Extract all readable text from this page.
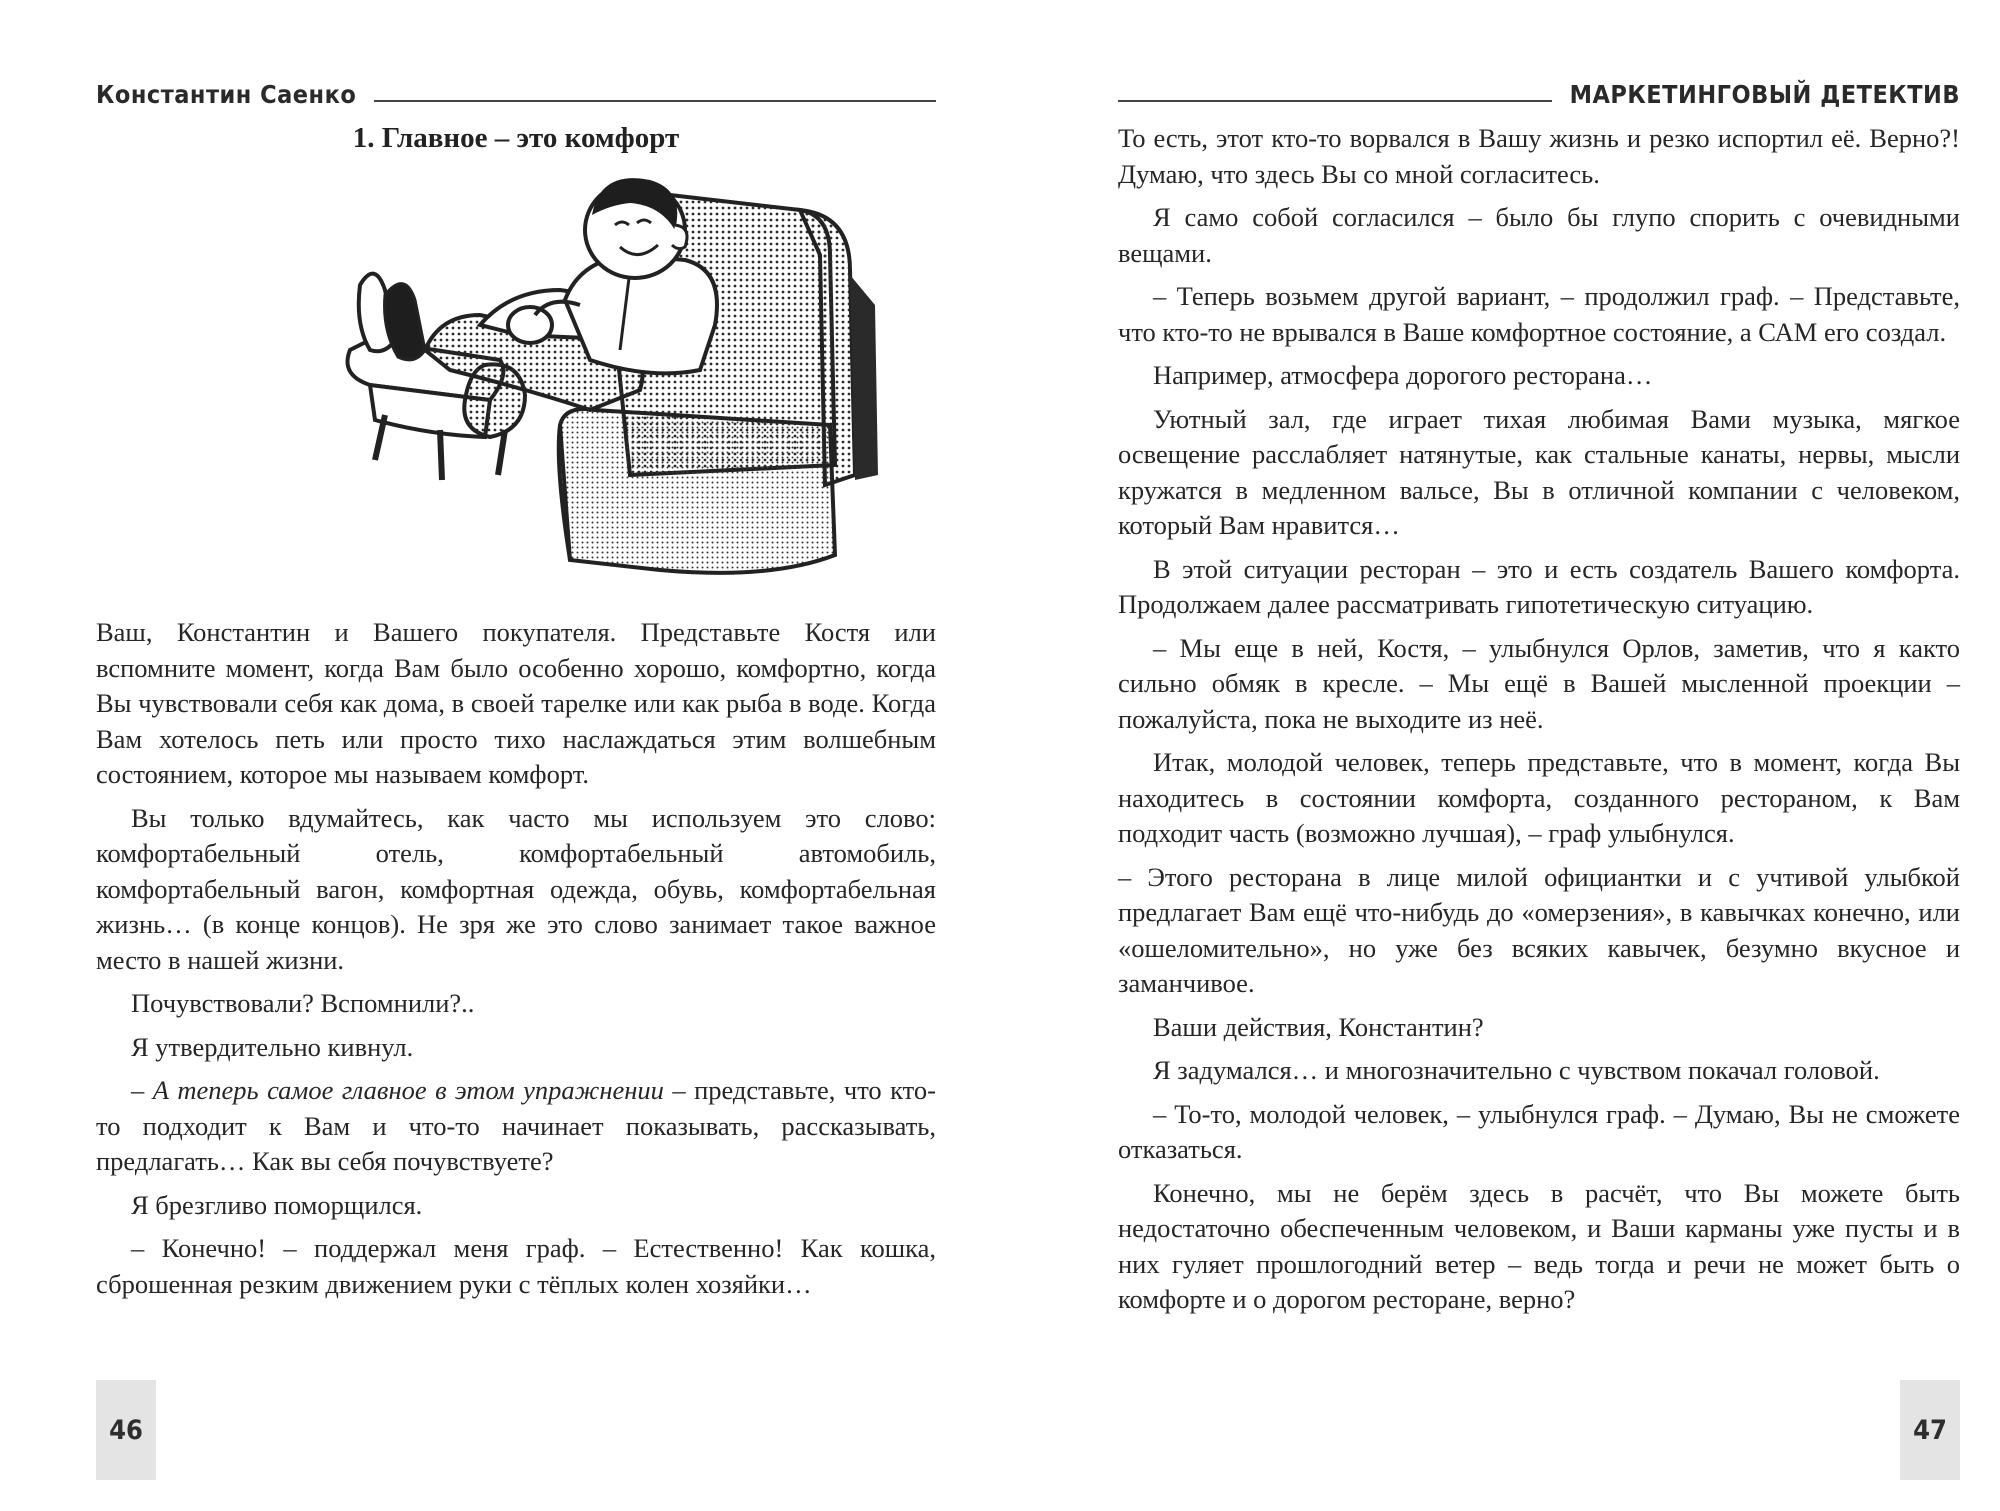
Константин Саенко
1. Главное – это комфорт

Ваш, Константин и Вашего покупателя. Представьте Костя или вспомните момент, когда Вам было особенно хорошо, комфортно, когда Вы чувствовали себя как дома, в своей тарелке или как рыба в воде. Когда Вам хотелось петь или просто тихо наслаждаться этим волшебным состоянием, которое мы называем комфорт.

Вы только вдумайтесь, как часто мы используем это слово: комфортабельный отель, комфортабельный автомобиль, комфортабельный вагон, комфортная одежда, обувь, комфортабельная жизнь… (в конце концов). Не зря же это слово занимает такое важное место в нашей жизни.

Почувствовали? Вспомнили?..

Я утвердительно кивнул.

– А теперь самое главное в этом упражнении – представьте, что кто-то подходит к Вам и что-то начинает показывать, рассказывать, предлагать… Как вы себя почувствуете?

Я брезгливо поморщился.

– Конечно! – поддержал меня граф. – Естественно! Как кошка, сброшенная резким движением руки с тёплых колен хозяйки…

46
МАРКЕТИНГОВЫЙ ДЕТЕКТИВ

То есть, этот кто-то ворвался в Вашу жизнь и резко испортил её. Верно?! Думаю, что здесь Вы со мной согласитесь.

Я само собой согласился – было бы глупо спорить с очевидными вещами.

– Теперь возьмем другой вариант, – продолжил граф. – Представьте, что кто-то не врывался в Ваше комфортное состояние, а САМ его создал.

Например, атмосфера дорогого ресторана…

Уютный зал, где играет тихая любимая Вами музыка, мягкое освещение расслабляет натянутые, как стальные канаты, нервы, мысли кружатся в медленном вальсе, Вы в отличной компании с человеком, который Вам нравится…

В этой ситуации ресторан – это и есть создатель Вашего комфорта. Продолжаем далее рассматривать гипотетическую ситуацию.

– Мы еще в ней, Костя, – улыбнулся Орлов, заметив, что я както сильно обмяк в кресле. – Мы ещё в Вашей мысленной проекции – пожалуйста, пока не выходите из неё.

Итак, молодой человек, теперь представьте, что в момент, когда Вы находитесь в состоянии комфорта, созданного рестораном, к Вам подходит часть (возможно лучшая), – граф улыбнулся.

– Этого ресторана в лице милой официантки и с учтивой улыбкой предлагает Вам ещё что-нибудь до «омерзения», в кавычках конечно, или «ошеломительно», но уже без всяких кавычек, безумно вкусное и заманчивое.

Ваши действия, Константин?

Я задумался… и многозначительно с чувством покачал головой.

– То-то, молодой человек, – улыбнулся граф. – Думаю, Вы не сможете отказаться.

Конечно, мы не берём здесь в расчёт, что Вы можете быть недостаточно обеспеченным человеком, и Ваши карманы уже пусты и в них гуляет прошлогодний ветер – ведь тогда и речи не может быть о комфорте и о дорогом ресторане, верно?

47
